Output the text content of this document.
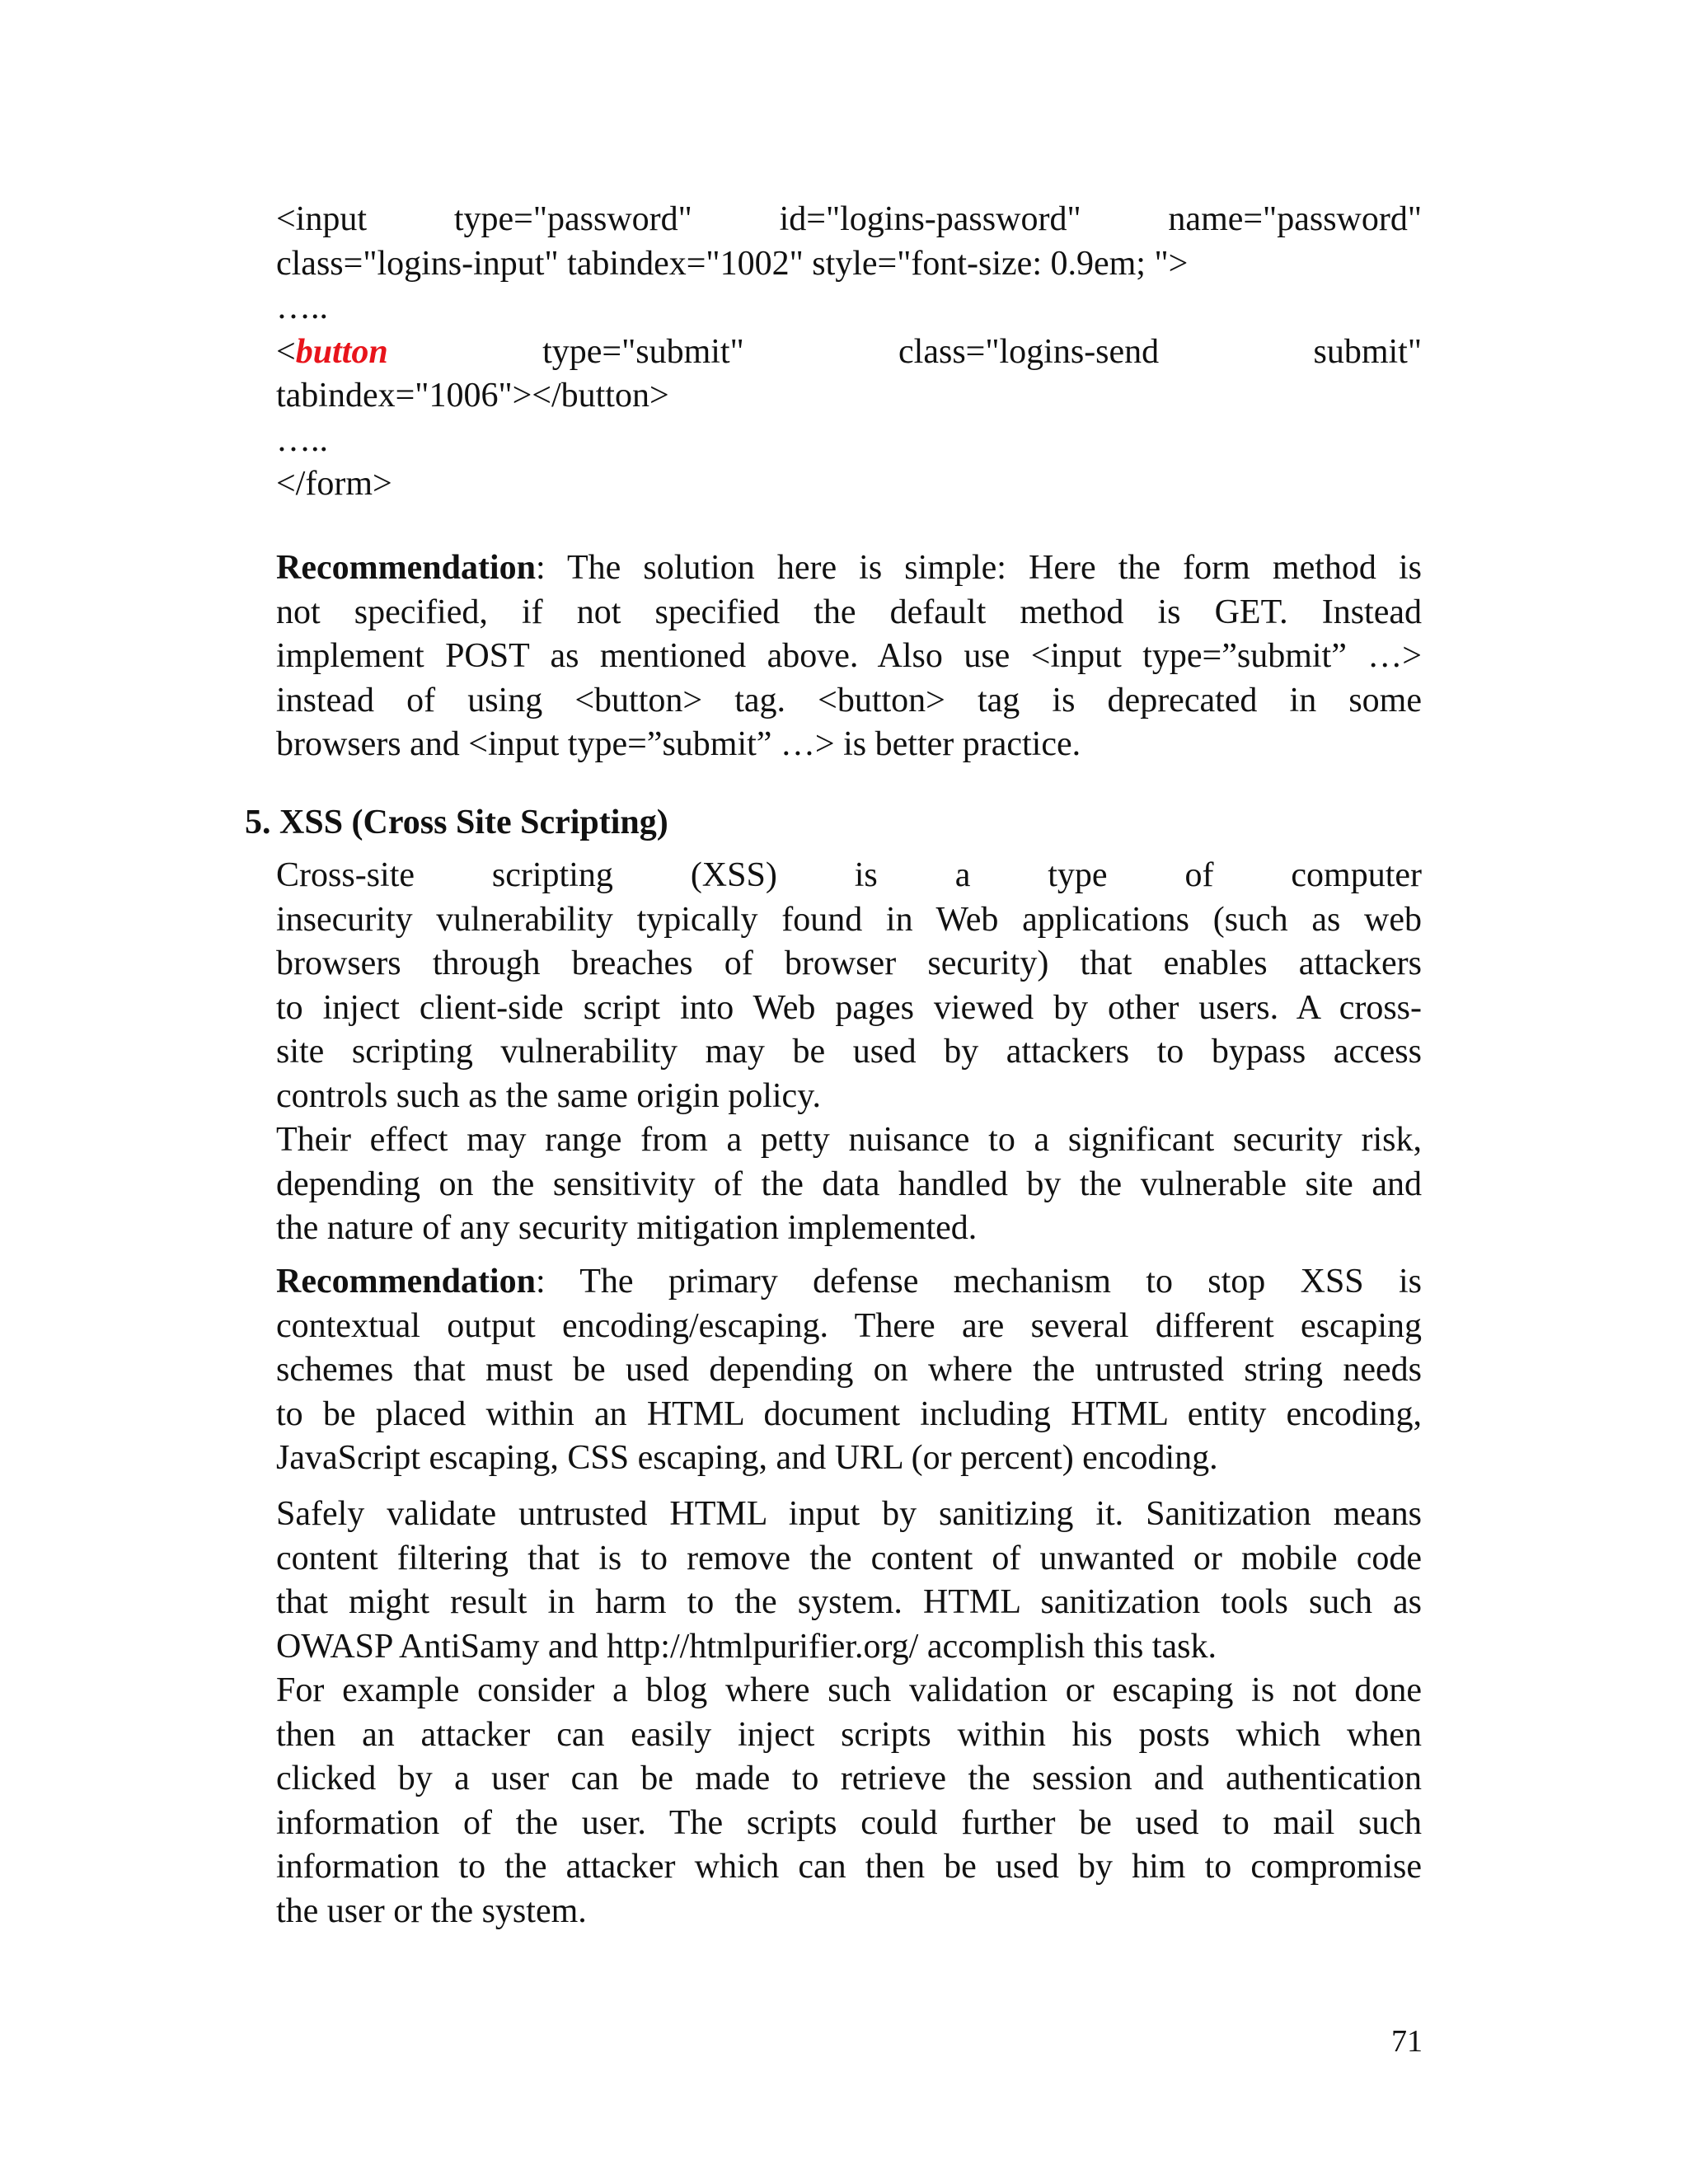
<input type="password" id="logins-password" name="password"
class="logins-input" tabindex="1002" style="font-size: 0.9em; ">
…..
<button type="submit" class="logins-send submit"
tabindex="1006"></button>
…..
</form>
Recommendation: The solution here is simple: Here the form method is
not specified, if not specified the default method is GET. Instead
implement POST as mentioned above. Also use <input type=”submit” …>
instead of using <button> tag. <button> tag is deprecated in some
browsers and <input type=”submit” …> is better practice.
5. XSS (Cross Site Scripting)
Cross-site scripting (XSS) is a type of computer
insecurity vulnerability typically found in Web applications (such as web
browsers through breaches of browser security) that enables attackers
to inject client-side script into Web pages viewed by other users. A cross-
site scripting vulnerability may be used by attackers to bypass access
controls such as the same origin policy.
Their effect may range from a petty nuisance to a significant security risk,
depending on the sensitivity of the data handled by the vulnerable site and
the nature of any security mitigation implemented.
Recommendation: The primary defense mechanism to stop XSS is
contextual output encoding/escaping. There are several different escaping
schemes that must be used depending on where the untrusted string needs
to be placed within an HTML document including HTML entity encoding,
JavaScript escaping, CSS escaping, and URL (or percent) encoding.
Safely validate untrusted HTML input by sanitizing it. Sanitization means
content filtering that is to remove the content of unwanted or mobile code
that might result in harm to the system. HTML sanitization tools such as
OWASP AntiSamy and http://htmlpurifier.org/ accomplish this task.
For example consider a blog where such validation or escaping is not done
then an attacker can easily inject scripts within his posts which when
clicked by a user can be made to retrieve the session and authentication
information of the user. The scripts could further be used to mail such
information to the attacker which can then be used by him to compromise
the user or the system.
71
